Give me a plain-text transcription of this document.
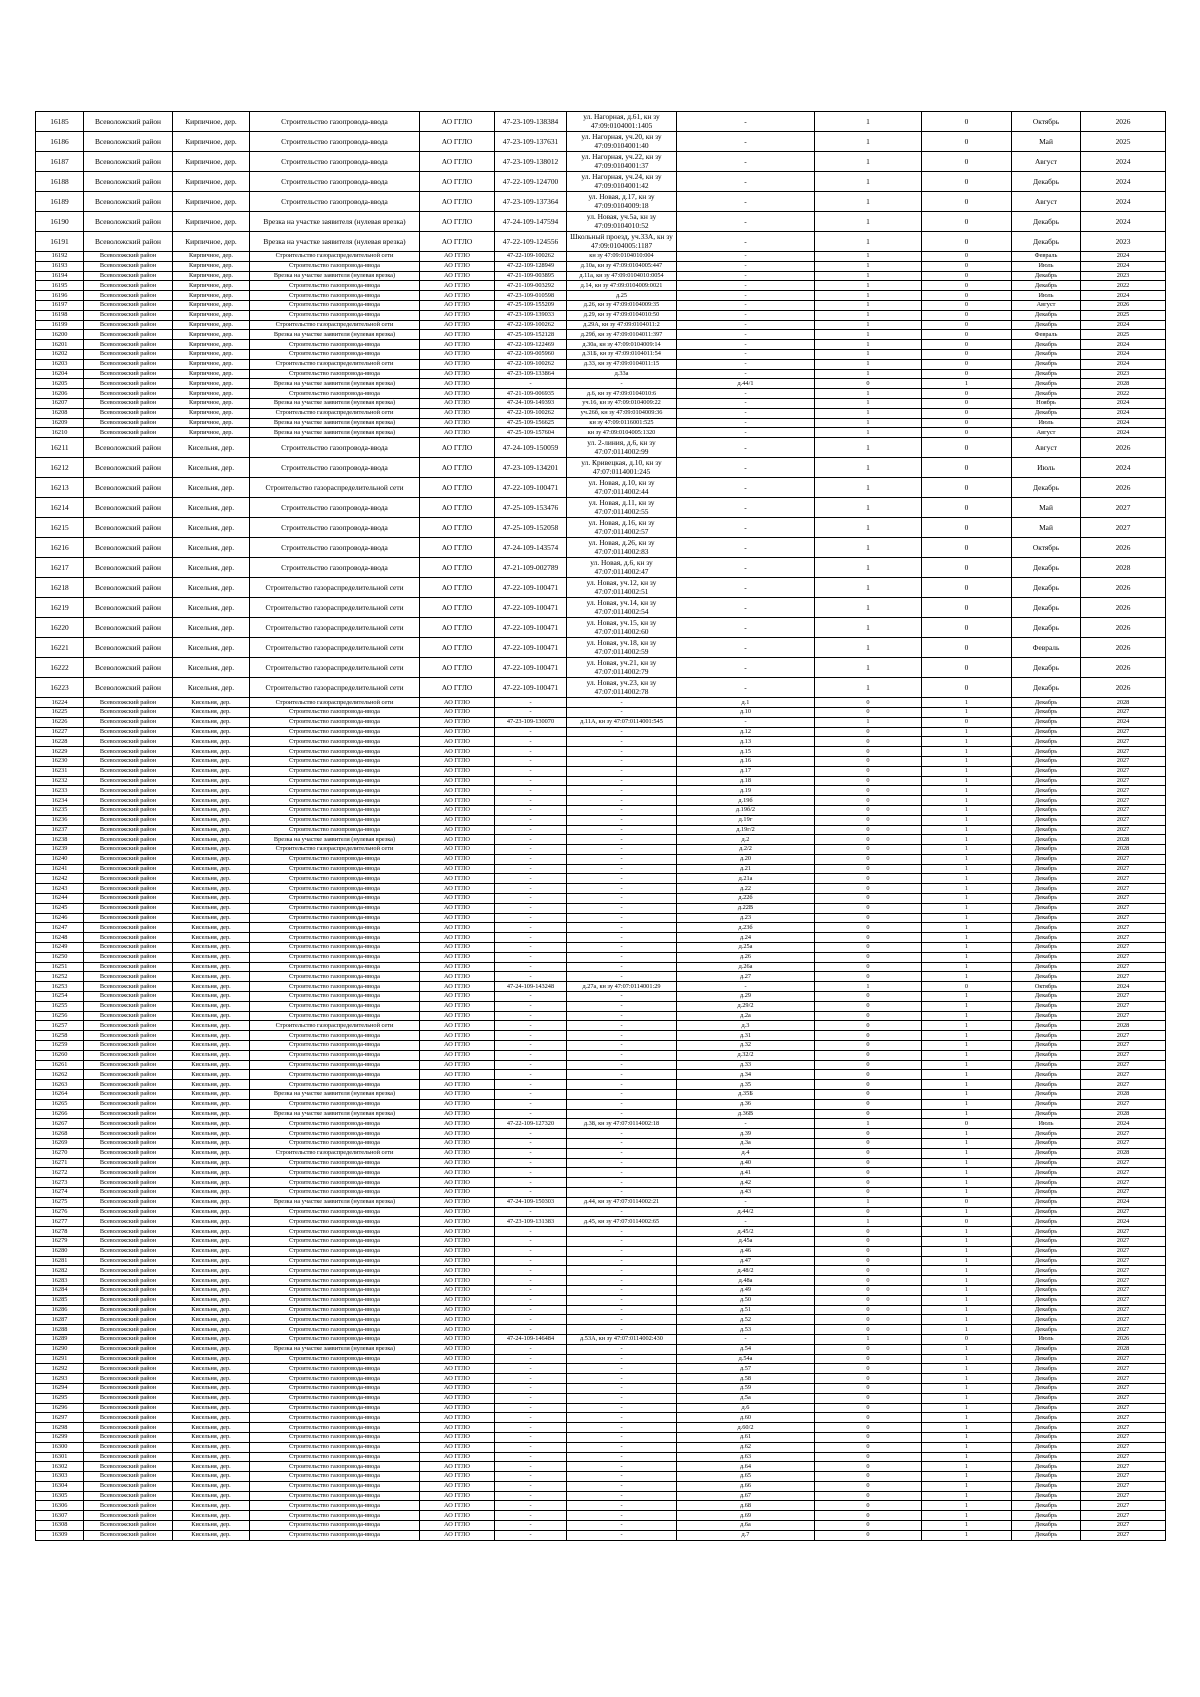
16185	Всеволожский район	Кирпичное, дер.	Строительство газопровода-ввода	АО ГГЛО	47-23-109-138384	ул. Нагорная, д.61, кн зу 47:09:0104001:1405	-	1	0	Октябрь	2026
16186	Всеволожский район	Кирпичное, дер.	Строительство газопровода-ввода	АО ГГЛО	47-23-109-137631	ул. Нагорная, уч.20, кн зу 47:09:0104001:40	-	1	0	Май	2025
16187	Всеволожский район	Кирпичное, дер.	Строительство газопровода-ввода	АО ГГЛО	47-23-109-138012	ул. Нагорная, уч.22, кн зу 47:09:0104001:37	-	1	0	Август	2024
16188	Всеволожский район	Кирпичное, дер.	Строительство газопровода-ввода	АО ГГЛО	47-22-109-124700	ул. Нагорная, уч.24, кн зу 47:09:0104001:42	-	1	0	Декабрь	2024
16189	Всеволожский район	Кирпичное, дер.	Строительство газопровода-ввода	АО ГГЛО	47-23-109-137364	ул. Новая, д.17, кн зу 47:09:0104009:18	-	1	0	Август	2024
16190	Всеволожский район	Кирпичное, дер.	Врезка на участке заявителя (нулевая врезка)	АО ГГЛО	47-24-109-147594	ул. Новая, уч.5а, кн зу 47:09:0104010:52	-	1	0	Декабрь	2024
16191	Всеволожский район	Кирпичное, дер.	Врезка на участке заявителя (нулевая врезка)	АО ГГЛО	47-22-109-124556	Школьный проезд, уч.33А, кн зу 47:09:0104005:1187	-	1	0	Декабрь	2023
16192	Всеволожский район	Кирпичное, дер.	Строительство газораспределительной сети	АО ГГЛО	47-22-109-100262	кн зу 47:09:0104010:004	-	1	0	Февраль	2024
16193	Всеволожский район	Кирпичное, дер.	Строительство газопровода-ввода	АО ГГЛО	47-22-109-128949	д.10а, кн зу 47:09:0104005:447	-	1	0	Июль	2024
16194	Всеволожский район	Кирпичное, дер.	Врезка на участке заявителя (нулевая врезка)	АО ГГЛО	47-21-109-003895	д.11а, кн зу 47:09:0104010:0054	-	1	0	Декабрь	2023
16195	Всеволожский район	Кирпичное, дер.	Строительство газопровода-ввода	АО ГГЛО	47-21-109-003292	д.14, кн зу 47:09:0104009:0021	-	1	0	Декабрь	2022
16196	Всеволожский район	Кирпичное, дер.	Строительство газопровода-ввода	АО ГГЛО	47-23-109-010598	д.25	-	1	0	Июль	2024
16197	Всеволожский район	Кирпичное, дер.	Строительство газопровода-ввода	АО ГГЛО	47-25-109-155209	д.26, кн зу 47:09:0104009:35	-	1	0	Август	2026
16198	Всеволожский район	Кирпичное, дер.	Строительство газопровода-ввода	АО ГГЛО	47-23-109-139033	д.29, кн зу 47:09:0104010:50	-	1	0	Декабрь	2025
16199	Всеволожский район	Кирпичное, дер.	Строительство газораспределительной сети	АО ГГЛО	47-22-109-100262	д.29А, кн зу 47:09:0104011:2	-	1	0	Декабрь	2024
16200	Всеволожский район	Кирпичное, дер.	Врезка на участке заявителя (нулевая врезка)	АО ГГЛО	47-25-109-152128	д.29б, кн зу 47:09:0104011:397	-	1	0	Февраль	2025
16201	Всеволожский район	Кирпичное, дер.	Строительство газопровода-ввода	АО ГГЛО	47-22-109-122469	д.30а, кн зу 47:09:0104009:14	-	1	0	Декабрь	2024
16202	Всеволожский район	Кирпичное, дер.	Строительство газопровода-ввода	АО ГГЛО	47-22-109-005960	д.31Б, кн зу 47:09:0104011:54	-	1	0	Декабрь	2024
16203	Всеволожский район	Кирпичное, дер.	Строительство газораспределительной сети	АО ГГЛО	47-22-109-100262	д.33, кн зу 47:09:0104011:15	-	1	0	Декабрь	2024
16204	Всеволожский район	Кирпичное, дер.	Строительство газопровода-ввода	АО ГГЛО	47-23-109-133864	д.33а	-	1	0	Декабрь	2023
16205	Всеволожский район	Кирпичное, дер.	Врезка на участке заявителя (нулевая врезка)	АО ГГЛО	-	-	д.44/1	0	1	Декабрь	2028
16206	Всеволожский район	Кирпичное, дер.	Строительство газопровода-ввода	АО ГГЛО	47-21-109-006935	д.6, кн зу 47:09:0104010:6	-	1	0	Декабрь	2022
16207	Всеволожский район	Кирпичное, дер.	Врезка на участке заявителя (нулевая врезка)	АО ГГЛО	47-24-109-149393	уч.16, кн зу 47:09:0104009:22	-	1	0	Ноябрь	2024
16208	Всеволожский район	Кирпичное, дер.	Строительство газораспределительной сети	АО ГГЛО	47-22-109-100262	уч.26б, кн зу 47:09:0104009:36	-	1	0	Декабрь	2024
16209	Всеволожский район	Кирпичное, дер.	Врезка на участке заявителя (нулевая врезка)	АО ГГЛО	47-25-109-156625	кн зу 47:09:0116001:525	-	1	0	Июль	2024
16210	Всеволожский район	Кирпичное, дер.	Врезка на участке заявителя (нулевая врезка)	АО ГГЛО	47-25-109-157604	кн зу 47:09:0104005:1320	-	1	0	Август	2024
16211	Всеволожский район	Кисельня, дер.	Строительство газопровода-ввода	АО ГГЛО	47-24-109-150059	ул. 2-линия, д.6, кн зу 47:07:0114002:99	-	1	0	Август	2026
16212	Всеволожский район	Кисельня, дер.	Строительство газопровода-ввода	АО ГГЛО	47-23-109-134201	ул. Кривецкая, д.10, кн зу 47:07:0114001:245	-	1	0	Июль	2024
16213	Всеволожский район	Кисельня, дер.	Строительство газораспределительной сети	АО ГГЛО	47-22-109-100471	ул. Новая, д.10, кн зу 47:07:0114002:44	-	1	0	Декабрь	2026
16214	Всеволожский район	Кисельня, дер.	Строительство газопровода-ввода	АО ГГЛО	47-25-109-153476	ул. Новая, д.11, кн зу 47:07:0114002:55	-	1	0	Май	2027
16215	Всеволожский район	Кисельня, дер.	Строительство газопровода-ввода	АО ГГЛО	47-25-109-152058	ул. Новая, д.16, кн зу 47:07:0114002:57	-	1	0	Май	2027
16216	Всеволожский район	Кисельня, дер.	Строительство газопровода-ввода	АО ГГЛО	47-24-109-143574	ул. Новая, д.26, кн зу 47:07:0114002:83	-	1	0	Октябрь	2026
16217	Всеволожский район	Кисельня, дер.	Строительство газопровода-ввода	АО ГГЛО	47-21-109-002789	ул. Новая, д.6, кн зу 47:07:0114002:47	-	1	0	Декабрь	2028
16218	Всеволожский район	Кисельня, дер.	Строительство газораспределительной сети	АО ГГЛО	47-22-109-100471	ул. Новая, уч.12, кн зу 47:07:0114002:51	-	1	0	Декабрь	2026
16219	Всеволожский район	Кисельня, дер.	Строительство газораспределительной сети	АО ГГЛО	47-22-109-100471	ул. Новая, уч.14, кн зу 47:07:0114002:54	-	1	0	Декабрь	2026
16220	Всеволожский район	Кисельня, дер.	Строительство газораспределительной сети	АО ГГЛО	47-22-109-100471	ул. Новая, уч.15, кн зу 47:07:0114002:60	-	1	0	Декабрь	2026
16221	Всеволожский район	Кисельня, дер.	Строительство газораспределительной сети	АО ГГЛО	47-22-109-100471	ул. Новая, уч.18, кн зу 47:07:0114002:59	-	1	0	Февраль	2026
16222	Всеволожский район	Кисельня, дер.	Строительство газораспределительной сети	АО ГГЛО	47-22-109-100471	ул. Новая, уч.21, кн зу 47:07:0114002:79	-	1	0	Декабрь	2026
16223	Всеволожский район	Кисельня, дер.	Строительство газораспределительной сети	АО ГГЛО	47-22-109-100471	ул. Новая, уч.23, кн зу 47:07:0114002:78	-	1	0	Декабрь	2026
16224	Всеволожский район	Кисельня, дер.	Строительство газораспределительной сети	АО ГГЛО	-	-	д.1	0	1	Декабрь	2028
16225	Всеволожский район	Кисельня, дер.	Строительство газопровода-ввода	АО ГГЛО	-	-	д.10	0	1	Декабрь	2027
16226	Всеволожский район	Кисельня, дер.	Строительство газопровода-ввода	АО ГГЛО	47-23-109-130070	д.11А, кн зу 47:07:0114001:545	-	1	0	Декабрь	2024
16227	Всеволожский район	Кисельня, дер.	Строительство газопровода-ввода	АО ГГЛО	-	-	д.12	0	1	Декабрь	2027
16228	Всеволожский район	Кисельня, дер.	Строительство газопровода-ввода	АО ГГЛО	-	-	д.13	0	1	Декабрь	2027
16229	Всеволожский район	Кисельня, дер.	Строительство газопровода-ввода	АО ГГЛО	-	-	д.15	0	1	Декабрь	2027
16230	Всеволожский район	Кисельня, дер.	Строительство газопровода-ввода	АО ГГЛО	-	-	д.16	0	1	Декабрь	2027
16231	Всеволожский район	Кисельня, дер.	Строительство газопровода-ввода	АО ГГЛО	-	-	д.17	0	1	Декабрь	2027
16232	Всеволожский район	Кисельня, дер.	Строительство газопровода-ввода	АО ГГЛО	-	-	д.18	0	1	Декабрь	2027
16233	Всеволожский район	Кисельня, дер.	Строительство газопровода-ввода	АО ГГЛО	-	-	д.19	0	1	Декабрь	2027
16234	Всеволожский район	Кисельня, дер.	Строительство газопровода-ввода	АО ГГЛО	-	-	д.19б	0	1	Декабрь	2027
16235	Всеволожский район	Кисельня, дер.	Строительство газопровода-ввода	АО ГГЛО	-	-	д.19б/2	0	1	Декабрь	2027
16236	Всеволожский район	Кисельня, дер.	Строительство газопровода-ввода	АО ГГЛО	-	-	д.19г	0	1	Декабрь	2027
16237	Всеволожский район	Кисельня, дер.	Строительство газопровода-ввода	АО ГГЛО	-	-	д.19г/2	0	1	Декабрь	2027
16238	Всеволожский район	Кисельня, дер.	Врезка на участке заявителя (нулевая врезка)	АО ГГЛО	-	-	д.2	0	1	Декабрь	2028
16239	Всеволожский район	Кисельня, дер.	Строительство газораспределительной сети	АО ГГЛО	-	-	д.2/2	0	1	Декабрь	2028
16240	Всеволожский район	Кисельня, дер.	Строительство газопровода-ввода	АО ГГЛО	-	-	д.20	0	1	Декабрь	2027
16241	Всеволожский район	Кисельня, дер.	Строительство газопровода-ввода	АО ГГЛО	-	-	д.21	0	1	Декабрь	2027
16242	Всеволожский район	Кисельня, дер.	Строительство газопровода-ввода	АО ГГЛО	-	-	д.21а	0	1	Декабрь	2027
16243	Всеволожский район	Кисельня, дер.	Строительство газопровода-ввода	АО ГГЛО	-	-	д.22	0	1	Декабрь	2027
16244	Всеволожский район	Кисельня, дер.	Строительство газопровода-ввода	АО ГГЛО	-	-	д.22б	0	1	Декабрь	2027
16245	Всеволожский район	Кисельня, дер.	Строительство газопровода-ввода	АО ГГЛО	-	-	д.22В	0	1	Декабрь	2027
16246	Всеволожский район	Кисельня, дер.	Строительство газопровода-ввода	АО ГГЛО	-	-	д.23	0	1	Декабрь	2027
16247	Всеволожский район	Кисельня, дер.	Строительство газопровода-ввода	АО ГГЛО	-	-	д.23б	0	1	Декабрь	2027
16248	Всеволожский район	Кисельня, дер.	Строительство газопровода-ввода	АО ГГЛО	-	-	д.24	0	1	Декабрь	2027
16249	Всеволожский район	Кисельня, дер.	Строительство газопровода-ввода	АО ГГЛО	-	-	д.25а	0	1	Декабрь	2027
16250	Всеволожский район	Кисельня, дер.	Строительство газопровода-ввода	АО ГГЛО	-	-	д.26	0	1	Декабрь	2027
16251	Всеволожский район	Кисельня, дер.	Строительство газопровода-ввода	АО ГГЛО	-	-	д.26а	0	1	Декабрь	2027
16252	Всеволожский район	Кисельня, дер.	Строительство газопровода-ввода	АО ГГЛО	-	-	д.27	0	1	Декабрь	2027
16253	Всеволожский район	Кисельня, дер.	Строительство газопровода-ввода	АО ГГЛО	47-24-109-143248	д.27а, кн зу 47:07:0114001:29	-	1	0	Октябрь	2024
16254	Всеволожский район	Кисельня, дер.	Строительство газопровода-ввода	АО ГГЛО	-	-	д.29	0	1	Декабрь	2027
16255	Всеволожский район	Кисельня, дер.	Строительство газопровода-ввода	АО ГГЛО	-	-	д.29/2	0	1	Декабрь	2027
16256	Всеволожский район	Кисельня, дер.	Строительство газопровода-ввода	АО ГГЛО	-	-	д.2а	0	1	Декабрь	2027
16257	Всеволожский район	Кисельня, дер.	Строительство газораспределительной сети	АО ГГЛО	-	-	д.3	0	1	Декабрь	2028
16258	Всеволожский район	Кисельня, дер.	Строительство газопровода-ввода	АО ГГЛО	-	-	д.31	0	1	Декабрь	2027
16259	Всеволожский район	Кисельня, дер.	Строительство газопровода-ввода	АО ГГЛО	-	-	д.32	0	1	Декабрь	2027
16260	Всеволожский район	Кисельня, дер.	Строительство газопровода-ввода	АО ГГЛО	-	-	д.32/2	0	1	Декабрь	2027
16261	Всеволожский район	Кисельня, дер.	Строительство газопровода-ввода	АО ГГЛО	-	-	д.33	0	1	Декабрь	2027
16262	Всеволожский район	Кисельня, дер.	Строительство газопровода-ввода	АО ГГЛО	-	-	д.34	0	1	Декабрь	2027
16263	Всеволожский район	Кисельня, дер.	Строительство газопровода-ввода	АО ГГЛО	-	-	д.35	0	1	Декабрь	2027
16264	Всеволожский район	Кисельня, дер.	Врезка на участке заявителя (нулевая врезка)	АО ГГЛО	-	-	д.35Б	0	1	Декабрь	2028
16265	Всеволожский район	Кисельня, дер.	Строительство газопровода-ввода	АО ГГЛО	-	-	д.36	0	1	Декабрь	2027
16266	Всеволожский район	Кисельня, дер.	Врезка на участке заявителя (нулевая врезка)	АО ГГЛО	-	-	д.36В	0	1	Декабрь	2028
16267	Всеволожский район	Кисельня, дер.	Строительство газопровода-ввода	АО ГГЛО	47-22-109-127320	д.38, кн зу 47:07:0114002:18	-	1	0	Июль	2024
16268	Всеволожский район	Кисельня, дер.	Строительство газопровода-ввода	АО ГГЛО	-	-	д.39	0	1	Декабрь	2027
16269	Всеволожский район	Кисельня, дер.	Строительство газопровода-ввода	АО ГГЛО	-	-	д.3а	0	1	Декабрь	2027
16270	Всеволожский район	Кисельня, дер.	Строительство газораспределительной сети	АО ГГЛО	-	-	д.4	0	1	Декабрь	2028
16271	Всеволожский район	Кисельня, дер.	Строительство газопровода-ввода	АО ГГЛО	-	-	д.40	0	1	Декабрь	2027
16272	Всеволожский район	Кисельня, дер.	Строительство газопровода-ввода	АО ГГЛО	-	-	д.41	0	1	Декабрь	2027
16273	Всеволожский район	Кисельня, дер.	Строительство газопровода-ввода	АО ГГЛО	-	-	д.42	0	1	Декабрь	2027
16274	Всеволожский район	Кисельня, дер.	Строительство газопровода-ввода	АО ГГЛО	-	-	д.43	0	1	Декабрь	2027
16275	Всеволожский район	Кисельня, дер.	Врезка на участке заявителя (нулевая врезка)	АО ГГЛО	47-24-109-150303	д.44, кн зу 47:07:0114002:21	-	1	0	Декабрь	2024
16276	Всеволожский район	Кисельня, дер.	Строительство газопровода-ввода	АО ГГЛО	-	-	д.44/2	0	1	Декабрь	2027
16277	Всеволожский район	Кисельня, дер.	Строительство газопровода-ввода	АО ГГЛО	47-23-109-131383	д.45, кн зу 47:07:0114002:65	-	1	0	Декабрь	2024
16278	Всеволожский район	Кисельня, дер.	Строительство газопровода-ввода	АО ГГЛО	-	-	д.45/2	0	1	Декабрь	2027
16279	Всеволожский район	Кисельня, дер.	Строительство газопровода-ввода	АО ГГЛО	-	-	д.45а	0	1	Декабрь	2027
16280	Всеволожский район	Кисельня, дер.	Строительство газопровода-ввода	АО ГГЛО	-	-	д.46	0	1	Декабрь	2027
16281	Всеволожский район	Кисельня, дер.	Строительство газопровода-ввода	АО ГГЛО	-	-	д.47	0	1	Декабрь	2027
16282	Всеволожский район	Кисельня, дер.	Строительство газопровода-ввода	АО ГГЛО	-	-	д.48/2	0	1	Декабрь	2027
16283	Всеволожский район	Кисельня, дер.	Строительство газопровода-ввода	АО ГГЛО	-	-	д.48а	0	1	Декабрь	2027
16284	Всеволожский район	Кисельня, дер.	Строительство газопровода-ввода	АО ГГЛО	-	-	д.49	0	1	Декабрь	2027
16285	Всеволожский район	Кисельня, дер.	Строительство газопровода-ввода	АО ГГЛО	-	-	д.50	0	1	Декабрь	2027
16286	Всеволожский район	Кисельня, дер.	Строительство газопровода-ввода	АО ГГЛО	-	-	д.51	0	1	Декабрь	2027
16287	Всеволожский район	Кисельня, дер.	Строительство газопровода-ввода	АО ГГЛО	-	-	д.52	0	1	Декабрь	2027
16288	Всеволожский район	Кисельня, дер.	Строительство газопровода-ввода	АО ГГЛО	-	-	д.53	0	1	Декабрь	2027
16289	Всеволожский район	Кисельня, дер.	Строительство газопровода-ввода	АО ГГЛО	47-24-109-146484	д.53А, кн зу 47:07:0114002:430	-	1	0	Июль	2026
16290	Всеволожский район	Кисельня, дер.	Врезка на участке заявителя (нулевая врезка)	АО ГГЛО	-	-	д.54	0	1	Декабрь	2028
16291	Всеволожский район	Кисельня, дер.	Строительство газопровода-ввода	АО ГГЛО	-	-	д.54а	0	1	Декабрь	2027
16292	Всеволожский район	Кисельня, дер.	Строительство газопровода-ввода	АО ГГЛО	-	-	д.57	0	1	Декабрь	2027
16293	Всеволожский район	Кисельня, дер.	Строительство газопровода-ввода	АО ГГЛО	-	-	д.58	0	1	Декабрь	2027
16294	Всеволожский район	Кисельня, дер.	Строительство газопровода-ввода	АО ГГЛО	-	-	д.59	0	1	Декабрь	2027
16295	Всеволожский район	Кисельня, дер.	Строительство газопровода-ввода	АО ГГЛО	-	-	д.5а	0	1	Декабрь	2027
16296	Всеволожский район	Кисельня, дер.	Строительство газопровода-ввода	АО ГГЛО	-	-	д.6	0	1	Декабрь	2027
16297	Всеволожский район	Кисельня, дер.	Строительство газопровода-ввода	АО ГГЛО	-	-	д.60	0	1	Декабрь	2027
16298	Всеволожский район	Кисельня, дер.	Строительство газопровода-ввода	АО ГГЛО	-	-	д.60/2	0	1	Декабрь	2027
16299	Всеволожский район	Кисельня, дер.	Строительство газопровода-ввода	АО ГГЛО	-	-	д.61	0	1	Декабрь	2027
16300	Всеволожский район	Кисельня, дер.	Строительство газопровода-ввода	АО ГГЛО	-	-	д.62	0	1	Декабрь	2027
16301	Всеволожский район	Кисельня, дер.	Строительство газопровода-ввода	АО ГГЛО	-	-	д.63	0	1	Декабрь	2027
16302	Всеволожский район	Кисельня, дер.	Строительство газопровода-ввода	АО ГГЛО	-	-	д.64	0	1	Декабрь	2027
16303	Всеволожский район	Кисельня, дер.	Строительство газопровода-ввода	АО ГГЛО	-	-	д.65	0	1	Декабрь	2027
16304	Всеволожский район	Кисельня, дер.	Строительство газопровода-ввода	АО ГГЛО	-	-	д.66	0	1	Декабрь	2027
16305	Всеволожский район	Кисельня, дер.	Строительство газопровода-ввода	АО ГГЛО	-	-	д.67	0	1	Декабрь	2027
16306	Всеволожский район	Кисельня, дер.	Строительство газопровода-ввода	АО ГГЛО	-	-	д.68	0	1	Декабрь	2027
16307	Всеволожский район	Кисельня, дер.	Строительство газопровода-ввода	АО ГГЛО	-	-	д.69	0	1	Декабрь	2027
16308	Всеволожский район	Кисельня, дер.	Строительство газопровода-ввода	АО ГГЛО	-	-	д.6а	0	1	Декабрь	2027
16309	Всеволожский район	Кисельня, дер.	Строительство газопровода-ввода	АО ГГЛО	-	-	д.7	0	1	Декабрь	2027
